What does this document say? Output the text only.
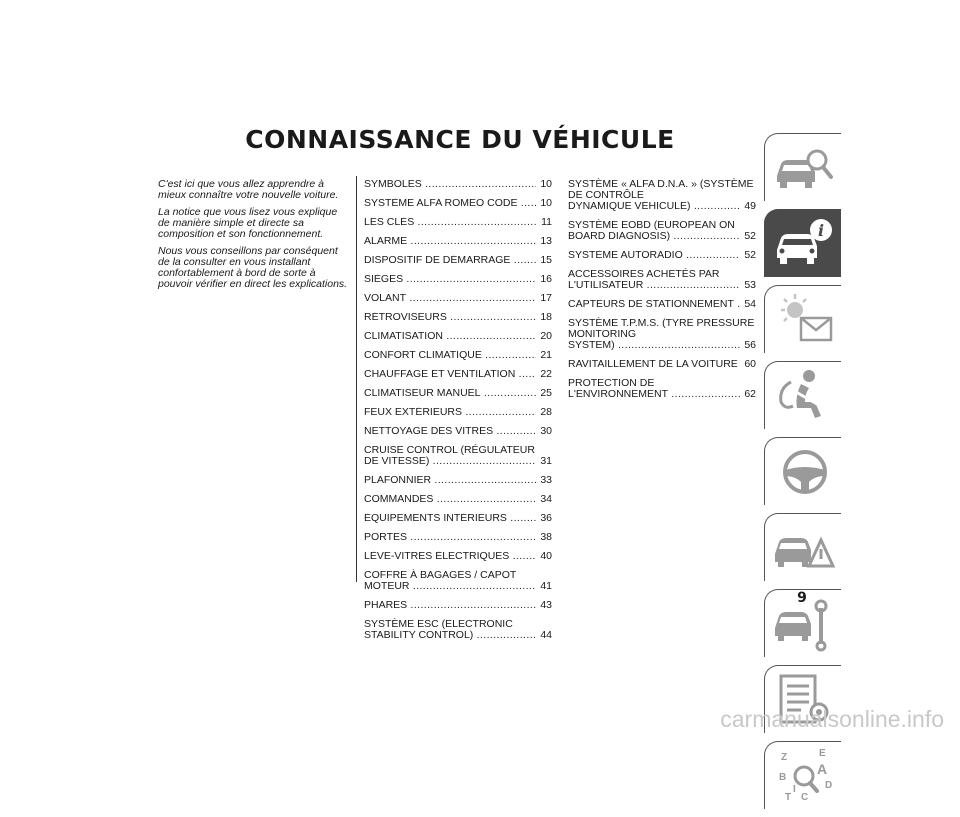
CONNAISSANCE DU VÉHICULE

C'est ici que vous allez apprendre à mieux connaître votre nouvelle voiture.

La notice que vous lisez vous explique de manière simple et directe sa composition et son fonctionnement.

Nous vous conseillons par conséquent de la consulter en vous installant confortablement à bord de sorte à pouvoir vérifier en direct les explications.

SYMBOLES .....	10
SYSTÈME ALFA ROMEO CODE .....	10
LES CLÉS .....	11
ALARME .....	13
DISPOSITIF DE DÉMARRAGE .....	15
SIÈGES .....	16
VOLANT .....	17
RÉTROVISEURS .....	18
CLIMATISATION .....	20
CONFORT CLIMATIQUE .....	21
CHAUFFAGE ET VENTILATION .....	22
CLIMATISEUR MANUEL .....	25
FEUX EXTÉRIEURS .....	28
NETTOYAGE DES VITRES .....	30
CRUISE CONTROL (RÉGULATEUR
DE VITESSE) .....	31
PLAFONNIER .....	33
COMMANDES .....	34
ÉQUIPEMENTS INTÉRIEURS .....	36
PORTES .....	38
LÈVE-VITRES ÉLECTRIQUES .....	40
COFFRE À BAGAGES / CAPOT
MOTEUR .....	41
PHARES .....	43
SYSTÈME ESC (ELECTRONIC
STABILITY CONTROL) .....	44
SYSTÈME « ALFA D.N.A. » (SYSTÈME DE CONTRÔLE
DYNAMIQUE VÉHICULE) .....	49
SYSTÈME EOBD (EUROPEAN ON
BOARD DIAGNOSIS) .....	52
SYSTÈME AUTORADIO .....	52
ACCESSOIRES ACHETÉS PAR
L'UTILISATEUR .....	53
CAPTEURS DE STATIONNEMENT ..... 54
SYSTÈME T.P.M.S. (TYRE PRESSURE MONITORING
SYSTEM) .....	56
RAVITAILLEMENT DE LA VOITURE ..... 60
PROTECTION DE
L'ENVIRONNEMENT .....	62
i
Z	E
A
B
I
C
T
D
9
carmanualsonline.info
